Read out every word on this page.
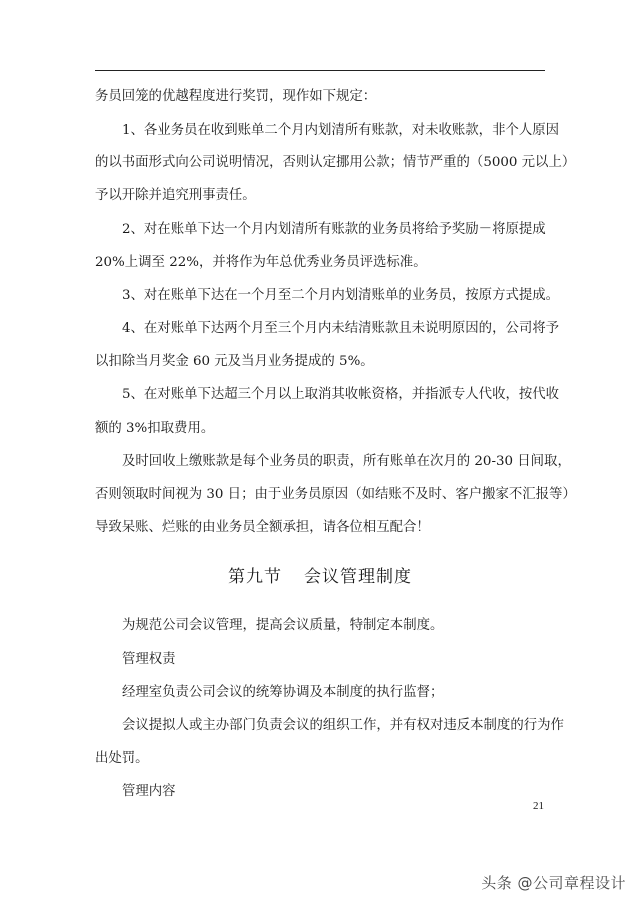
务员回笼的优越程度进行奖罚，现作如下规定：
1、各业务员在收到账单二个月内划清所有账款，对未收账款，非个人原因
的以书面形式向公司说明情况，否则认定挪用公款；情节严重的（5000 元以上）
予以开除并追究刑事责任。
2、对在账单下达一个月内划清所有账款的业务员将给予奖励－将原提成
20%上调至 22%，并将作为年总优秀业务员评选标准。
3、对在账单下达在一个月至二个月内划清账单的业务员，按原方式提成。
4、在对账单下达两个月至三个月内未结清账款且未说明原因的，公司将予
以扣除当月奖金 60 元及当月业务提成的 5%。
5、在对账单下达超三个月以上取消其收帐资格，并指派专人代收，按代收
额的 3%扣取费用。
及时回收上缴账款是每个业务员的职责，所有账单在次月的 20-30 日间取，
否则领取时间视为 30 日；由于业务员原因（如结账不及时、客户搬家不汇报等）
导致呆账、烂账的由业务员全额承担，请各位相互配合！
第九节 会议管理制度
为规范公司会议管理，提高会议质量，特制定本制度。
管理权责
经理室负责公司会议的统筹协调及本制度的执行监督；
会议提拟人或主办部门负责会议的组织工作，并有权对违反本制度的行为作
出处罚。
管理内容
21
头条 @公司章程设计
